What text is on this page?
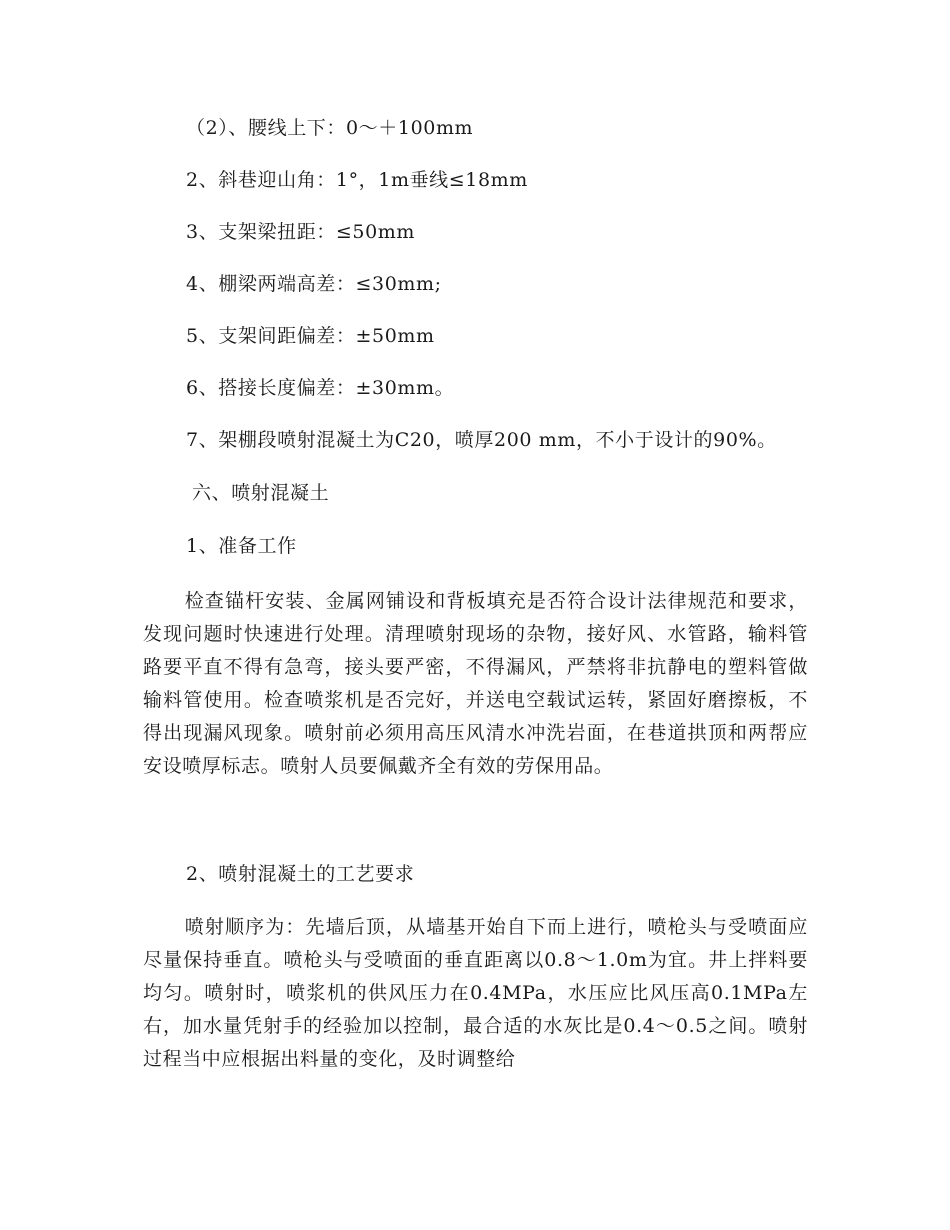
（2）、腰线上下：0～＋100mm
2、斜巷迎山角：1°，1m垂线≤18mm
3、支架梁扭距：≤50mm
4、棚梁两端高差：≤30mm;
5、支架间距偏差：±50mm
6、搭接长度偏差：±30mm。
7、架棚段喷射混凝土为C20，喷厚200 mm，不小于设计的90%。
六、喷射混凝土
1、准备工作
检查锚杆安装、金属网铺设和背板填充是否符合设计法律规范和要求，发现问题时快速进行处理。清理喷射现场的杂物，接好风、水管路，输料管路要平直不得有急弯，接头要严密，不得漏风，严禁将非抗静电的塑料管做输料管使用。检查喷浆机是否完好，并送电空载试运转，紧固好磨擦板，不得出现漏风现象。喷射前必须用高压风清水冲洗岩面，在巷道拱顶和两帮应安设喷厚标志。喷射人员要佩戴齐全有效的劳保用品。
2、喷射混凝土的工艺要求
喷射顺序为：先墙后顶，从墙基开始自下而上进行，喷枪头与受喷面应尽量保持垂直。喷枪头与受喷面的垂直距离以0.8～1.0m为宜。井上拌料要均匀。喷射时，喷浆机的供风压力在0.4MPa，水压应比风压高0.1MPa左右，加水量凭射手的经验加以控制，最合适的水灰比是0.4～0.5之间。喷射过程当中应根据出料量的变化，及时调整给
